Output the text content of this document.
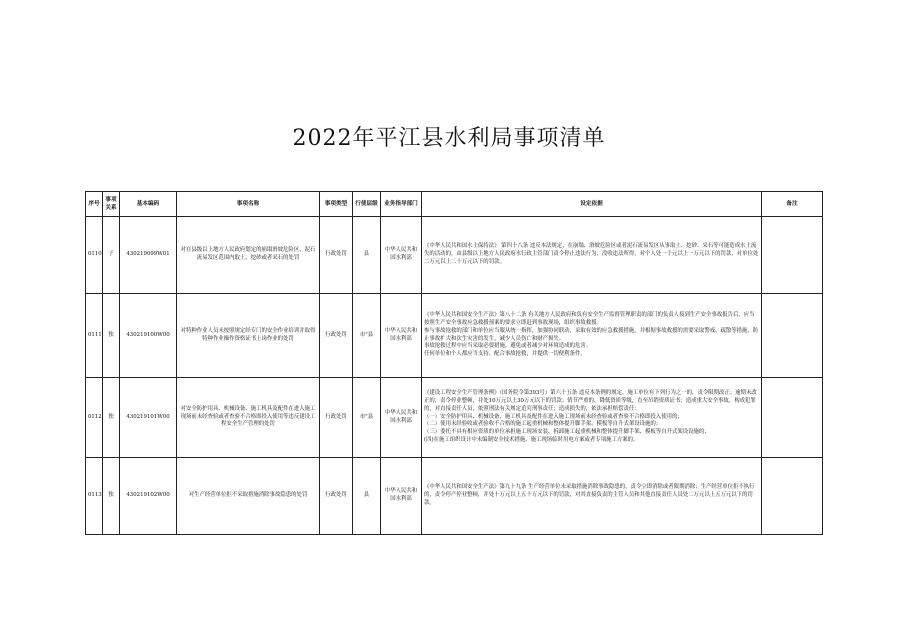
2022年平江县水利局事项清单
序号	事项关系	基本编码	事项名称	事项类型	行使层级	业务指导部门	设定依据	备注
0110	子	430219099W01	对在县级以上地方人民政府划定的崩塌滑坡危险区、泥石流易发区范围内取土、挖砂或者采石的处罚	行政处罚	县	中华人民共和国水利部	《中华人民共和国水土保持法》 第四十八条 违反本法规定，在崩塌、滑坡危险区或者泥石流易发区从事取土、挖砂、采石等可能造成水土流失的活动的，由县级以上地方人民政府水行政主管部门责令停止违法行为，没收违法所得，对个人处一千元以上一万元以下的罚款，对单位处二万元以上二十万元以下的罚款。	

0111	独	430219100W00	对特种作业人员未按照规定经专门的安全作业培训并取得特种作业操作资格证书上岗作业的处罚	行政处罚	市"县	中华人民共和国水利部	《中华人民共和国安全生产法》第八十二条 有关地方人民政府和负有安全生产监督管理职责的部门的负责人接到生产安全事故报告后，应当按照生产安全事故应急救援预案的要求立即赶到事故现场，组织事故救援。
参与事故抢救的部门和单位应当服从统一指挥，加强协同联动，采取有效的应急救援措施，并根据事故救援的需要采取警戒、疏散等措施，防止事故扩大和次生灾害的发生，减少人员伤亡和财产损失。
事故抢救过程中应当采取必要措施，避免或者减少对环境造成的危害。
任何单位和个人都应当支持、配合事故抢救，并提供一切便利条件。	

0112	独	430219101W00	对安全防护用具、机械设备、施工机具及配件在进入施工现场前未经查验或者查验不合格即投入使用等违反建设工程安全生产管理的处罚	行政处罚	市"县	中华人民共和国水利部	《建设工程安全生产管理条例》（国务院令第393号）第六十五条 违反本条例的规定，施工单位有下列行为之一的，责令限期改正；逾期未改正的，责令停业整顿，并处10万元以上30万元以下的罚款；情节严重的，降低资质等级，直至吊销资质证书；造成重大安全事故，构成犯罪的，对直接责任人员，依照刑法有关规定追究刑事责任；造成损失的，依法承担赔偿责任：
（一）安全防护用具、机械设备、施工机具及配件在进入施工现场前未经查验或者查验不合格即投入使用的；
（二）使用未经验收或者验收不合格的施工起重机械和整体提升脚手架、模板等自升式架设设施的；
（三）委托不具有相应资质的单位承担施工现场安装、拆卸施工起重机械和整体提升脚手架、模板等自升式架设设施的；
(四)在施工组织设计中未编制安全技术措施、施工现场临时用电方案或者专项施工方案的。	

0113	独	430219102W00	对生产经营单位拒不采取措施消除事故隐患的处罚	行政处罚	县	中华人民共和国水利部	《中华人民共和国安全生产法》第九十九条 生产经营单位未采取措施消除事故隐患的，责令立即消除或者限期消除；生产经营单位拒不执行的，责令停产停业整顿，并处十万元以上五十万元以下的罚款，对其直接负责的主管人员和其他直接责任人员处二万元以上五万元以下的罚款。	
